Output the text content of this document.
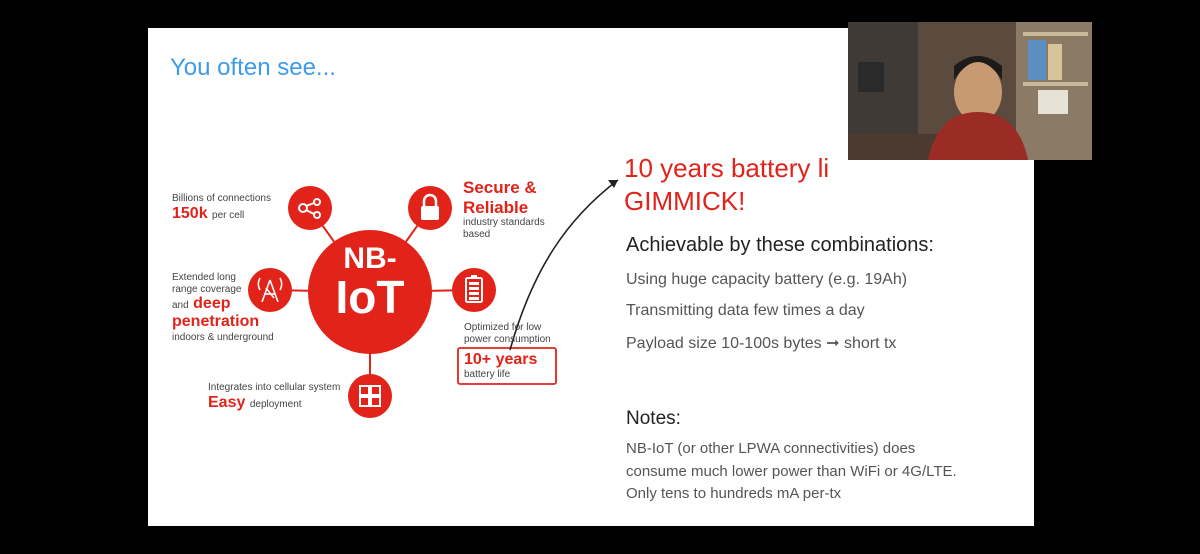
You often see...
NB-
IoT
Billions of connections
150k per cell
Secure &
Reliable
industry standards
based
Extended long
range coverage
and deep
penetration
indoors & underground
Optimized for low
power consumption
10+ years
battery life
Integrates into cellular system
Easy deployment
10 years battery li
GIMMICK!
Achievable by these combinations:
Using huge capacity battery (e.g. 19Ah)
Transmitting data few times a day
Payload size 10-100s bytes ➞ short tx
Notes:
NB-IoT (or other LPWA connectivities) does
consume much lower power than WiFi or 4G/LTE.
Only tens to hundreds mA per-tx
